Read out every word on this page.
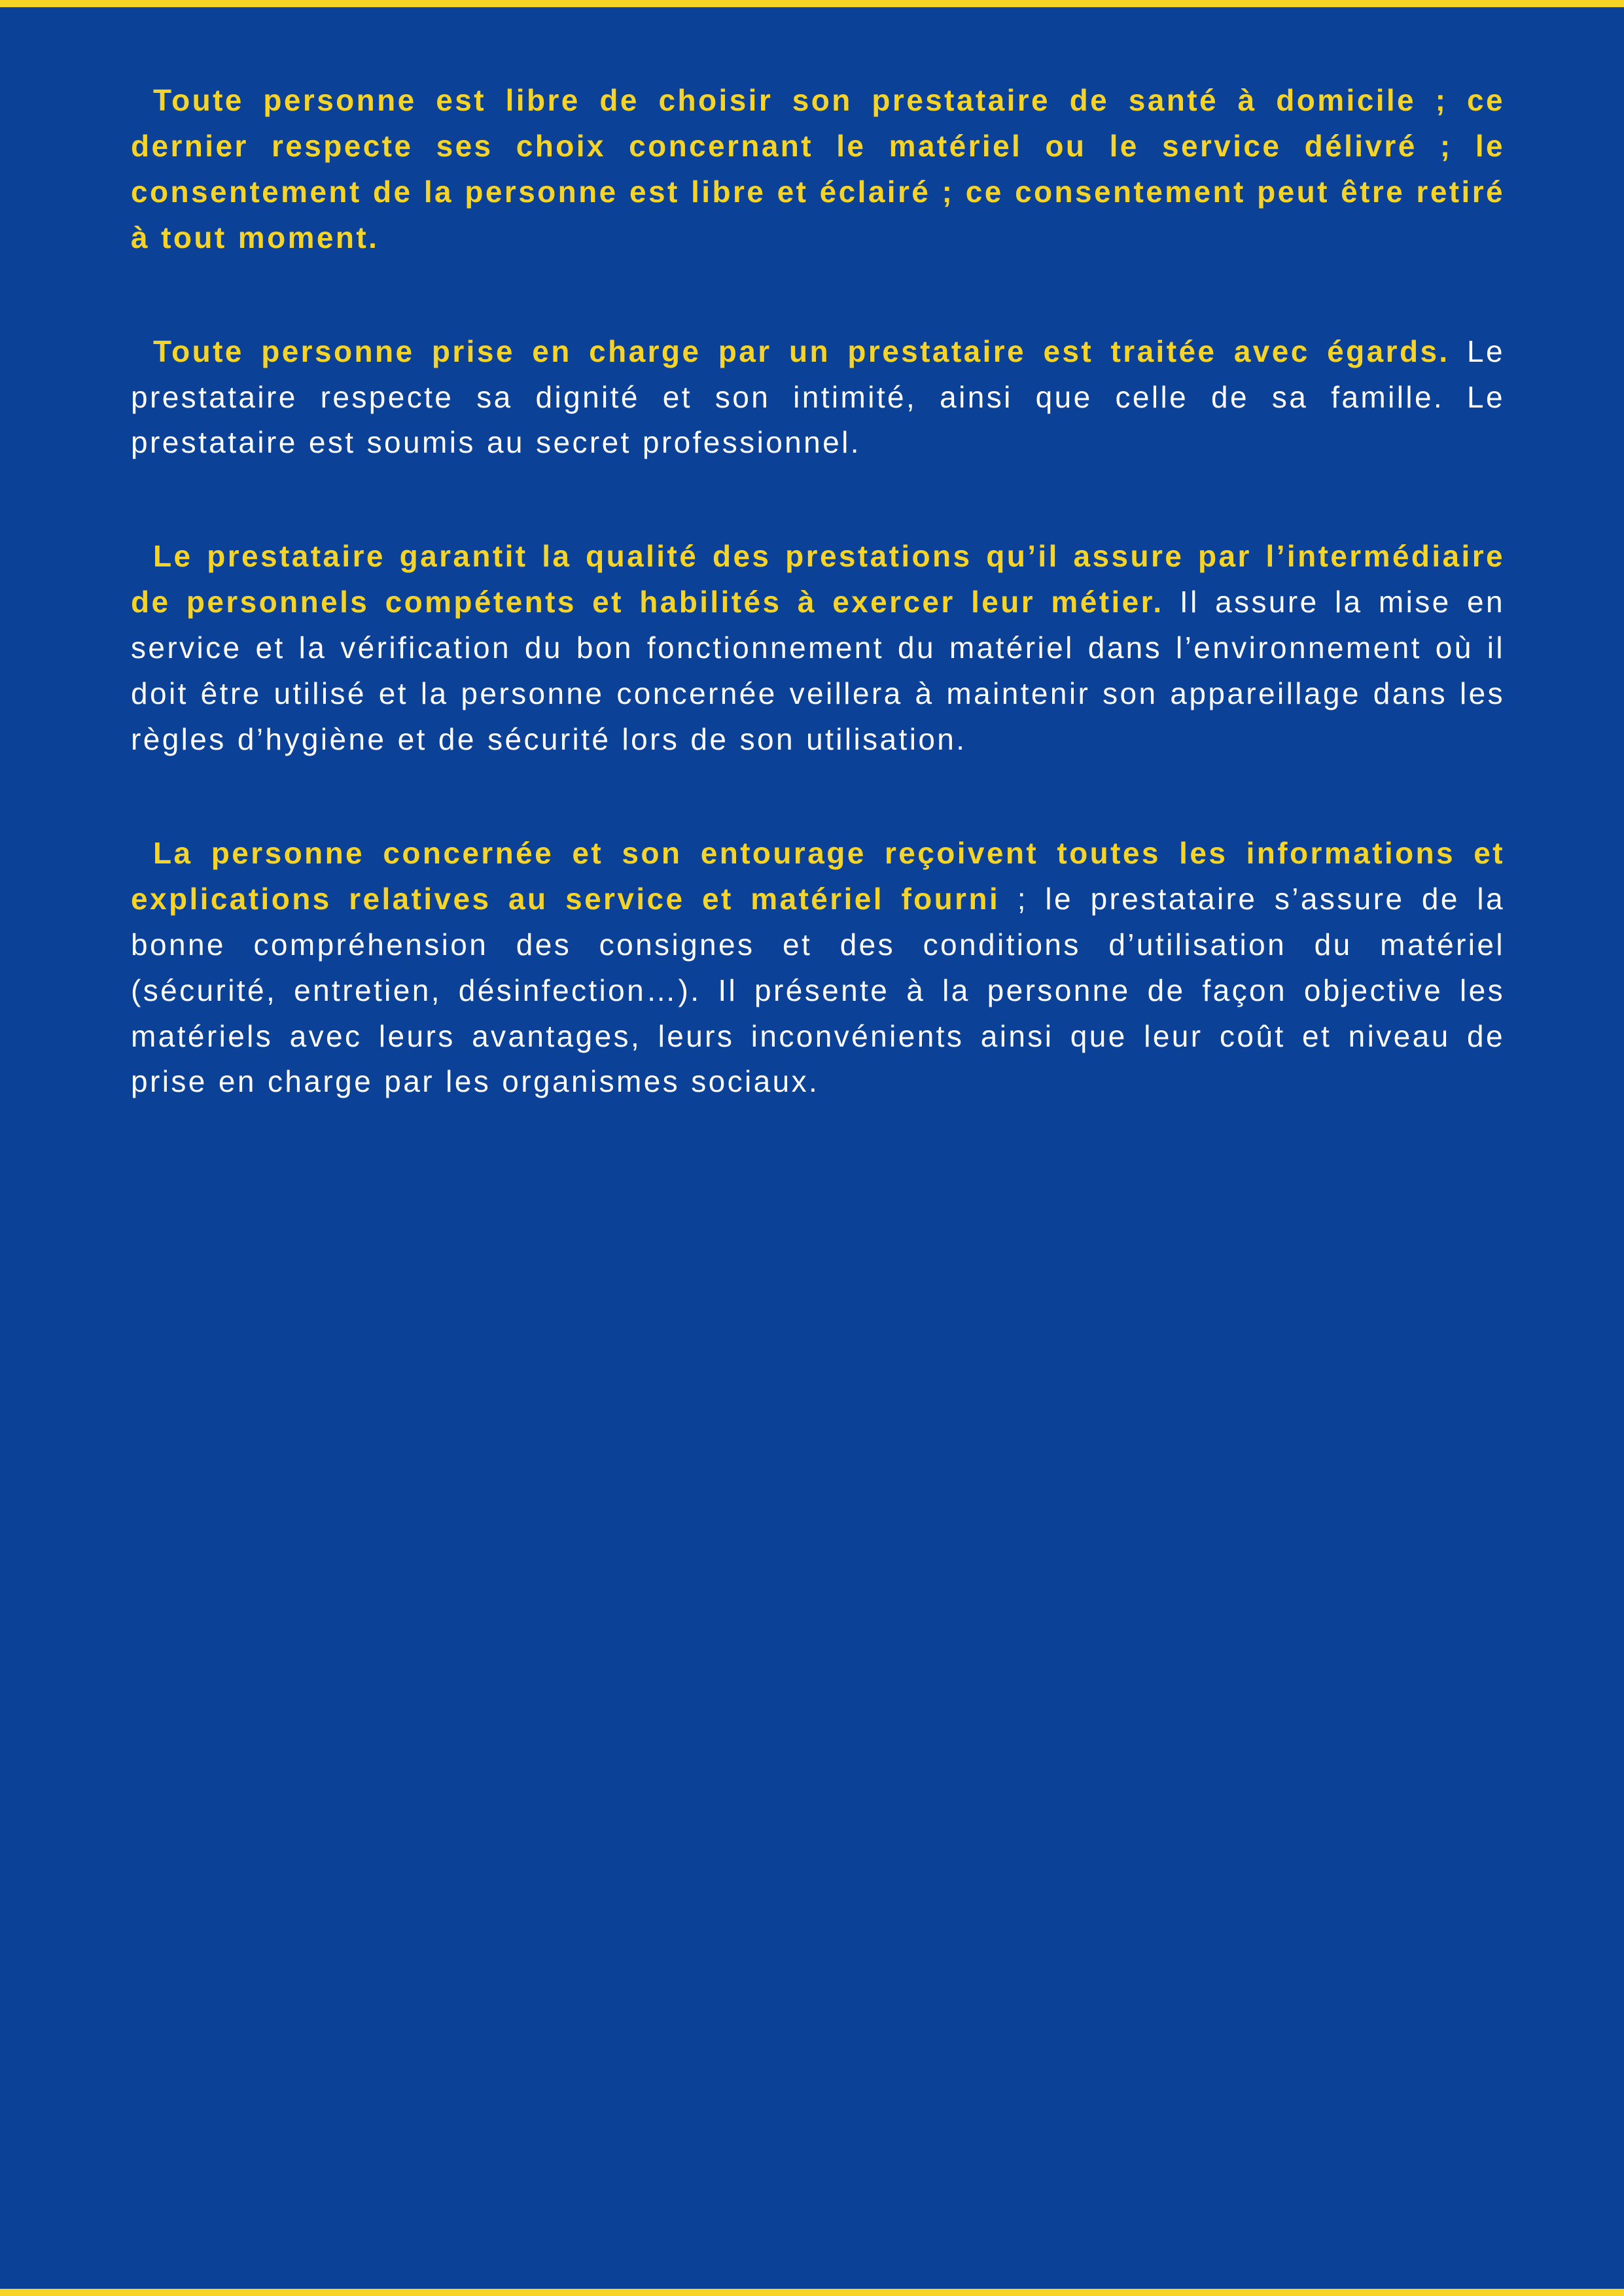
Toute personne est libre de choisir son prestataire de santé à domicile ; ce dernier respecte ses choix concernant le matériel ou le service délivré ; le consentement de la personne est libre et éclairé ; ce consentement peut être retiré à tout moment.

Toute personne prise en charge par un prestataire est traitée avec égards. Le prestataire respecte sa dignité et son intimité, ainsi que celle de sa famille. Le prestataire est soumis au secret professionnel.

Le prestataire garantit la qualité des prestations qu’il assure par l’intermédiaire de personnels compétents et habilités à exercer leur métier. Il assure la mise en service et la vérification du bon fonctionnement du matériel dans l’environnement où il doit être utilisé et la personne concernée veillera à maintenir son appareillage dans les règles d’hygiène et de sécurité lors de son utilisation.

La personne concernée et son entourage reçoivent toutes les informations et explications relatives au service et matériel fourni ; le prestataire s’assure de la bonne compréhension des consignes et des conditions d’utilisation du matériel (sécurité, entretien, désinfection…). Il présente à la personne de façon objective les matériels avec leurs avantages, leurs inconvénients ainsi que leur coût et niveau de prise en charge par les organismes sociaux.
